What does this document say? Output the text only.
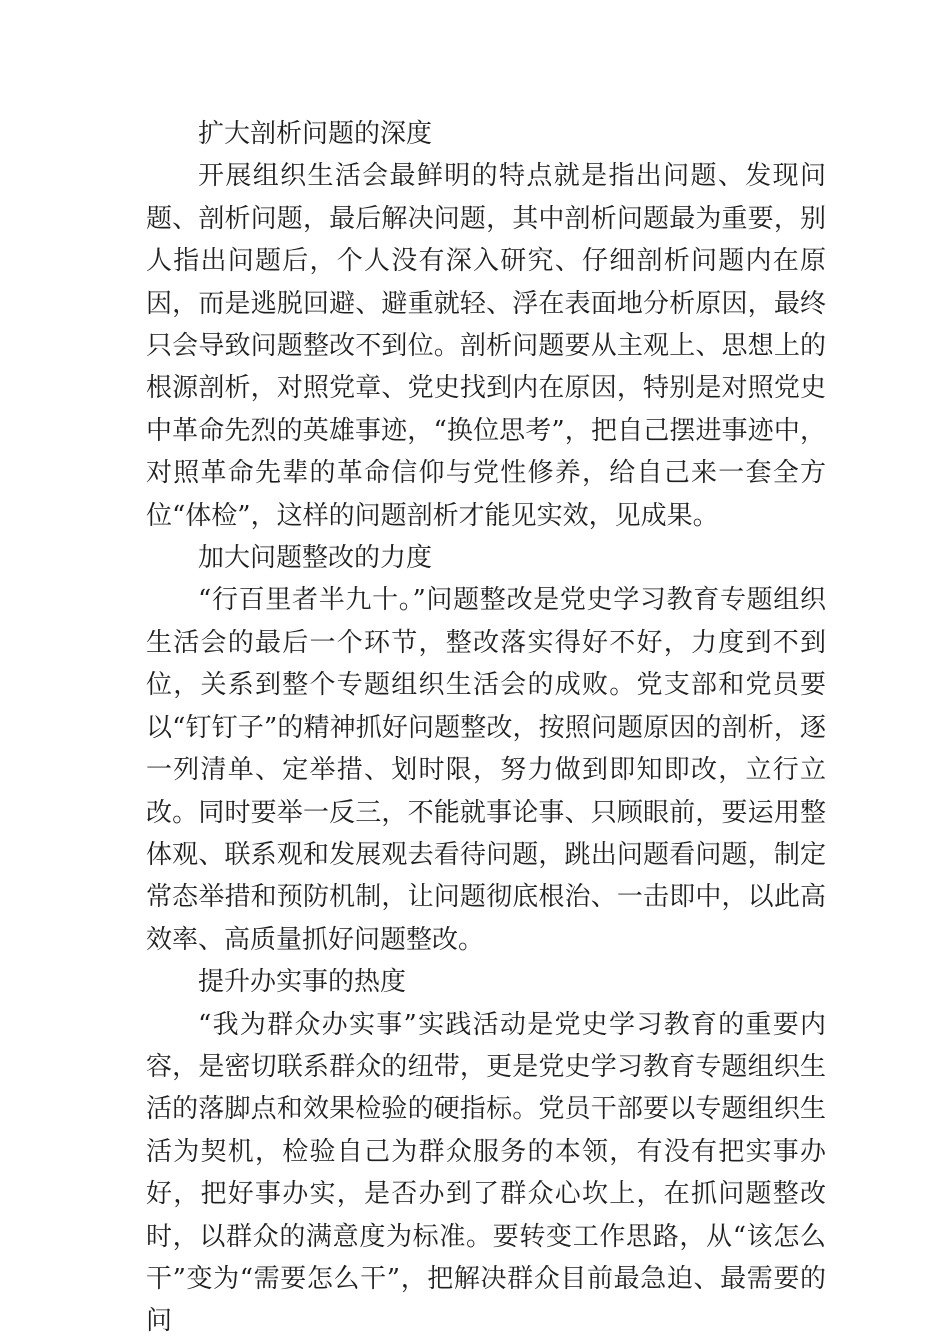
扩大剖析问题的深度

开展组织生活会最鲜明的特点就是指出问题、发现问题、剖析问题，最后解决问题，其中剖析问题最为重要，别人指出问题后，个人没有深入研究、仔细剖析问题内在原因，而是逃脱回避、避重就轻、浮在表面地分析原因，最终只会导致问题整改不到位。剖析问题要从主观上、思想上的根源剖析，对照党章、党史找到内在原因，特别是对照党史中革命先烈的英雄事迹，“换位思考”，把自己摆进事迹中，对照革命先辈的革命信仰与党性修养，给自己来一套全方位“体检”，这样的问题剖析才能见实效，见成果。

加大问题整改的力度

“行百里者半九十。”问题整改是党史学习教育专题组织生活会的最后一个环节，整改落实得好不好，力度到不到位，关系到整个专题组织生活会的成败。党支部和党员要以“钉钉子”的精神抓好问题整改，按照问题原因的剖析，逐一列清单、定举措、划时限，努力做到即知即改，立行立改。同时要举一反三，不能就事论事、只顾眼前，要运用整体观、联系观和发展观去看待问题，跳出问题看问题，制定常态举措和预防机制，让问题彻底根治、一击即中，以此高效率、高质量抓好问题整改。

提升办实事的热度

“我为群众办实事”实践活动是党史学习教育的重要内容，是密切联系群众的纽带，更是党史学习教育专题组织生活的落脚点和效果检验的硬指标。党员干部要以专题组织生活为契机，检验自己为群众服务的本领，有没有把实事办好，把好事办实，是否办到了群众心坎上，在抓问题整改时，以群众的满意度为标准。要转变工作思路，从“该怎么干”变为“需要怎么干”，把解决群众目前最急迫、最需要的问
